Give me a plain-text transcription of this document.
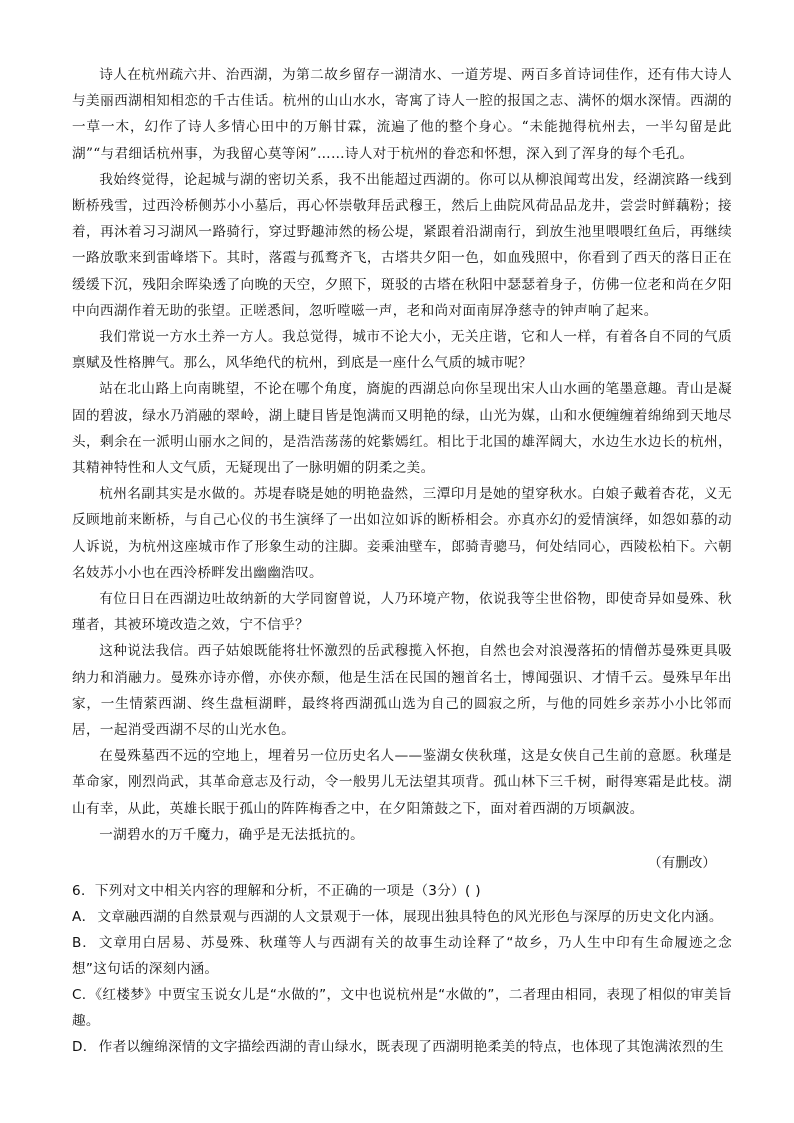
诗人在杭州疏六井、治西湖，为第二故乡留存一湖清水、一道芳堤、两百多首诗词佳作，还有伟大诗人与美丽西湖相知相恋的千古佳话。杭州的山山水水，寄寓了诗人一腔的报国之志、满怀的烟水深情。西湖的一草一木，幻作了诗人多情心田中的万斛甘霖，流遍了他的整个身心。“未能抛得杭州去，一半勾留是此湖”“与君细话杭州事，为我留心莫等闲”……诗人对于杭州的眷恋和怀想，深入到了浑身的每个毛孔。

我始终觉得，论起城与湖的密切关系，我不出能超过西湖的。你可以从柳浪闻莺出发，经湖滨路一线到断桥残雪，过西泠桥侧苏小小墓后，再心怀崇敬拜岳武穆王，然后上曲院风荷品品龙井，尝尝时鲜藕粉；接着，再沐着习习湖风一路骑行，穿过野趣沛然的杨公堤，紧跟着沿湖南行，到放生池里喂喂红鱼后，再继续一路放歌来到雷峰塔下。其时，落霞与孤鹜齐飞，古塔共夕阳一色，如血残照中，你看到了西天的落日正在缓缓下沉，残阳余晖染透了向晚的天空，夕照下，斑驳的古塔在秋阳中瑟瑟着身子，仿佛一位老和尚在夕阳中向西湖作着无助的张望。正嗟悉间，忽听嘡嗞一声，老和尚对面南屏净慈寺的钟声响了起来。

我们常说一方水土养一方人。我总觉得，城市不论大小，无关庄谐，它和人一样，有着各自不同的气质禀赋及性格脾气。那么，风华绝代的杭州，到底是一座什么气质的城市呢？

站在北山路上向南眺望，不论在哪个角度，旖旎的西湖总向你呈现出宋人山水画的笔墨意趣。青山是凝固的碧波，绿水乃消融的翠岭，湖上睫目皆是饱满而又明艳的绿，山光为媒，山和水便缠缠着绵绵到天地尽头，剩余在一派明山丽水之间的，是浩浩荡荡的姹紫嫣红。相比于北国的雄浑阔大，水边生水边长的杭州，其精神特性和人文气质，无疑现出了一脉明媚的阴柔之美。

杭州名副其实是水做的。苏堤春晓是她的明艳盎然，三潭印月是她的望穿秋水。白娘子戴着杏花，义无反顾地前来断桥，与自己心仪的书生演绎了一出如泣如诉的断桥相会。亦真亦幻的爱情演绎，如怨如慕的动人诉说，为杭州这座城市作了形象生动的注脚。妾乘油壁车，郎骑青骢马，何处结同心，西陵松柏下。六朝名妓苏小小也在西泠桥畔发出幽幽浩叹。

有位日日在西湖边吐故纳新的大学同窗曾说，人乃环境产物，依说我等尘世俗物，即使奇异如曼殊、秋瑾者，其被环境改造之效，宁不信乎？

这种说法我信。西子姑娘既能将壮怀激烈的岳武穆揽入怀抱，自然也会对浪漫落拓的情僧苏曼殊更具吸纳力和消融力。曼殊亦诗亦僧，亦侠亦颓，他是生活在民国的翘首名士，博闻强识、才情千云。曼殊早年出家，一生情萦西湖、终生盘桓湖畔，最终将西湖孤山选为自己的圆寂之所，与他的同姓乡亲苏小小比邻而居，一起消受西湖不尽的山光水色。

在曼殊墓西不远的空地上，埋着另一位历史名人——鉴湖女侠秋瑾，这是女侠自己生前的意愿。秋瑾是革命家，刚烈尚武，其革命意志及行动，令一般男儿无法望其项背。孤山林下三千树，耐得寒霜是此枝。湖山有幸，从此，英雄长眠于孤山的阵阵梅香之中，在夕阳箫鼓之下，面对着西湖的万顷飙波。

一湖碧水的万千魔力，确乎是无法抵抗的。

（有删改）

6．下列对文中相关内容的理解和分析，不正确的一项是（3分）( )

A． 文章融西湖的自然景观与西湖的人文景观于一体，展现出独具特色的风光形色与深厚的历史文化内涵。

B． 文章用白居易、苏曼殊、秋瑾等人与西湖有关的故事生动诠释了“故乡，乃人生中印有生命履迹之念想”这句话的深刻内涵。

C. 《红楼梦》中贾宝玉说女儿是“水做的”，文中也说杭州是“水做的”，二者理由相同，表现了相似的审美旨趣。

D． 作者以缠绵深情的文字描绘西湖的青山绿水，既表现了西湖明艳柔美的特点，也体现了其饱满浓烈的生
